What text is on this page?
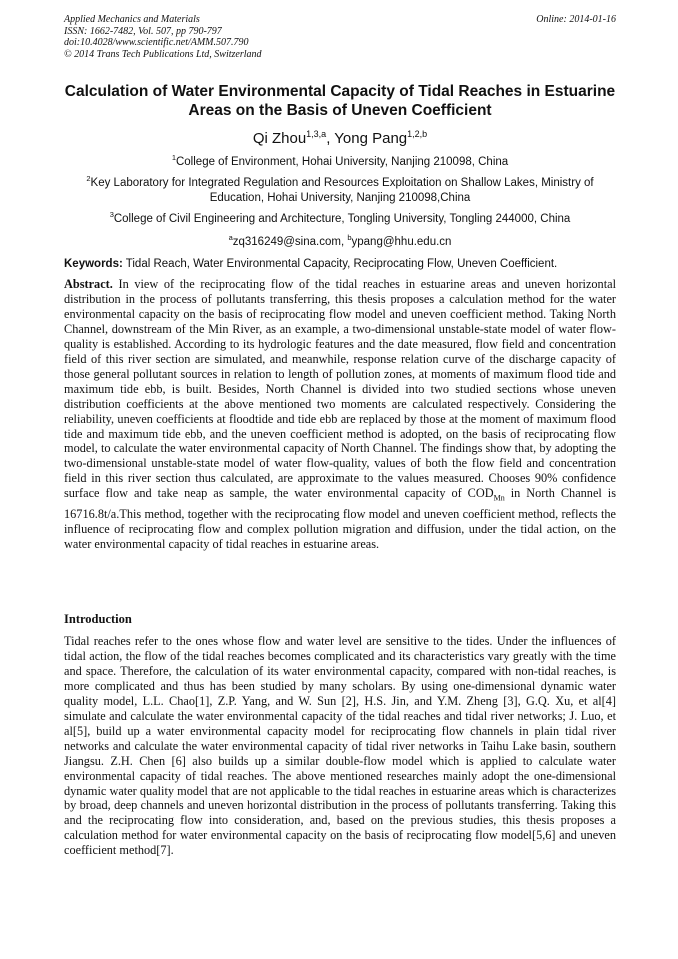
Applied Mechanics and Materials
ISSN: 1662-7482, Vol. 507, pp 790-797
doi:10.4028/www.scientific.net/AMM.507.790
© 2014 Trans Tech Publications Ltd, Switzerland
Online: 2014-01-16
Calculation of Water Environmental Capacity of Tidal Reaches in Estuarine Areas on the Basis of Uneven Coefficient
Qi Zhou$^{1,3,a}$, Yong Pang$^{1,2,b}$
$^1$College of Environment, Hohai University, Nanjing 210098, China
$^2$Key Laboratory for Integrated Regulation and Resources Exploitation on Shallow Lakes, Ministry of Education, Hohai University, Nanjing 210098,China
$^3$College of Civil Engineering and Architecture, Tongling University, Tongling 244000, China
$^a$zq316249@sina.com, $^b$ypang@hhu.edu.cn
Keywords: Tidal Reach, Water Environmental Capacity, Reciprocating Flow, Uneven Coefficient.
Abstract. In view of the reciprocating flow of the tidal reaches in estuarine areas and uneven horizontal distribution in the process of pollutants transferring, this thesis proposes a calculation method for the water environmental capacity on the basis of reciprocating flow model and uneven coefficient method. Taking North Channel, downstream of the Min River, as an example, a two-dimensional unstable-state model of water flow-quality is established. According to its hydrologic features and the date measured, flow field and concentration field of this river section are simulated, and meanwhile, response relation curve of the discharge capacity of those general pollutant sources in relation to length of pollution zones, at moments of maximum flood tide and maximum tide ebb, is built. Besides, North Channel is divided into two studied sections whose uneven distribution coefficients at the above mentioned two moments are calculated respectively. Considering the reliability, uneven coefficients at floodtide and tide ebb are replaced by those at the moment of maximum flood tide and maximum tide ebb, and the uneven coefficient method is adopted, on the basis of reciprocating flow model, to calculate the water environmental capacity of North Channel. The findings show that, by adopting the two-dimensional unstable-state model of water flow-quality, values of both the flow field and concentration field in this river section thus calculated, are approximate to the values measured. Chooses 90% confidence surface flow and take neap as sample, the water environmental capacity of $COD_{Mn}$ in North Channel is 16716.8t/a.This method, together with the reciprocating flow model and uneven coefficient method, reflects the influence of reciprocating flow and complex pollution migration and diffusion, under the tidal action, on the water environmental capacity of tidal reaches in estuarine areas.
Introduction
Tidal reaches refer to the ones whose flow and water level are sensitive to the tides. Under the influences of tidal action, the flow of the tidal reaches becomes complicated and its characteristics vary greatly with the time and space. Therefore, the calculation of its water environmental capacity, compared with non-tidal reaches, is more complicated and thus has been studied by many scholars. By using one-dimensional dynamic water quality model, L.L. Chao[1], Z.P. Yang, and W. Sun [2], H.S. Jin, and Y.M. Zheng [3], G.Q. Xu, et al[4] simulate and calculate the water environmental capacity of the tidal reaches and tidal river networks; J. Luo, et al[5], build up a water environmental capacity model for reciprocating flow channels in plain tidal river networks and calculate the water environmental capacity of tidal river networks in Taihu Lake basin, southern Jiangsu. Z.H. Chen [6] also builds up a similar double-flow model which is applied to calculate water environmental capacity of tidal reaches. The above mentioned researches mainly adopt the one-dimensional dynamic water quality model that are not applicable to the tidal reaches in estuarine areas which is characterizes by broad, deep channels and uneven horizontal distribution in the process of pollutants transferring. Taking this and the reciprocating flow into consideration, and, based on the previous studies, this thesis proposes a calculation method for water environmental capacity on the basis of reciprocating flow model[5,6] and uneven coefficient method[7].
